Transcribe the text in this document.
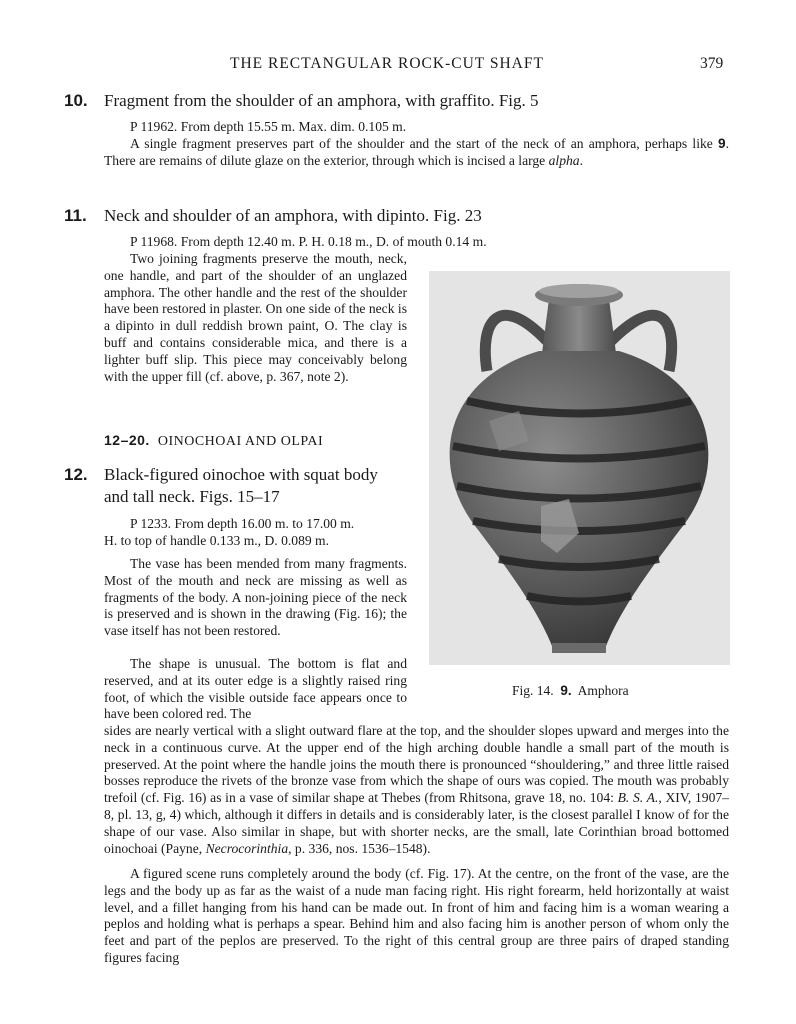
THE RECTANGULAR ROCK-CUT SHAFT	379
10. Fragment from the shoulder of an amphora, with graffito. Fig. 5
P 11962. From depth 15.55 m. Max. dim. 0.105 m.

A single fragment preserves part of the shoulder and the start of the neck of an amphora, perhaps like 9. There are remains of dilute glaze on the exterior, through which is incised a large alpha.

11. Neck and shoulder of an amphora, with dipinto. Fig. 23
P 11968. From depth 12.40 m. P. H. 0.18 m., D. of mouth 0.14 m.

Two joining fragments preserve the mouth, neck, one handle, and part of the shoulder of an unglazed amphora. The other handle and the rest of the shoulder have been restored in plaster. On one side of the neck is a dipinto in dull reddish brown paint, O. The clay is buff and contains considerable mica, and there is a lighter buff slip. This piece may conceivably belong with the upper fill (cf. above, p. 367, note 2).

12–20. OINOCHOAI AND OLPAI
12. Black-figured oinochoe with squat body
and tall neck. Figs. 15–17
P 1233. From depth 16.00 m. to 17.00 m.
H. to top of handle 0.133 m., D. 0.089 m.

The vase has been mended from many fragments. Most of the mouth and neck are missing as well as fragments of the body. A non-joining piece of the neck is preserved and is shown in the drawing (Fig. 16); the vase itself has not been restored.

The shape is unusual. The bottom is flat and reserved, and at its outer edge is a slightly raised ring foot, of which the visible outside face appears once to have been colored red. The

sides are nearly vertical with a slight outward flare at the top, and the shoulder slopes upward and merges into the neck in a continuous curve. At the upper end of the high arching double handle a small part of the mouth is preserved. At the point where the handle joins the mouth there is pronounced “shouldering,” and three little raised bosses reproduce the rivets of the bronze vase from which the shape of ours was copied. The mouth was probably trefoil (cf. Fig. 16) as in a vase of similar shape at Thebes (from Rhitsona, grave 18, no. 104: B. S. A., XIV, 1907–8, pl. 13, g, 4) which, although it differs in details and is considerably later, is the closest parallel I know of for the shape of our vase. Also similar in shape, but with shorter necks, are the small, late Corinthian broad bottomed oinochoai (Payne, Necrocorinthia, p. 336, nos. 1536–1548).

A figured scene runs completely around the body (cf. Fig. 17). At the centre, on the front of the vase, are the legs and the body up as far as the waist of a nude man facing right. His right forearm, held horizontally at waist level, and a fillet hanging from his hand can be made out. In front of him and facing him is a woman wearing a peplos and holding what is perhaps a spear. Behind him and also facing him is another person of whom only the feet and part of the peplos are preserved. To the right of this central group are three pairs of draped standing figures facing

Fig. 14. 9. Amphora
